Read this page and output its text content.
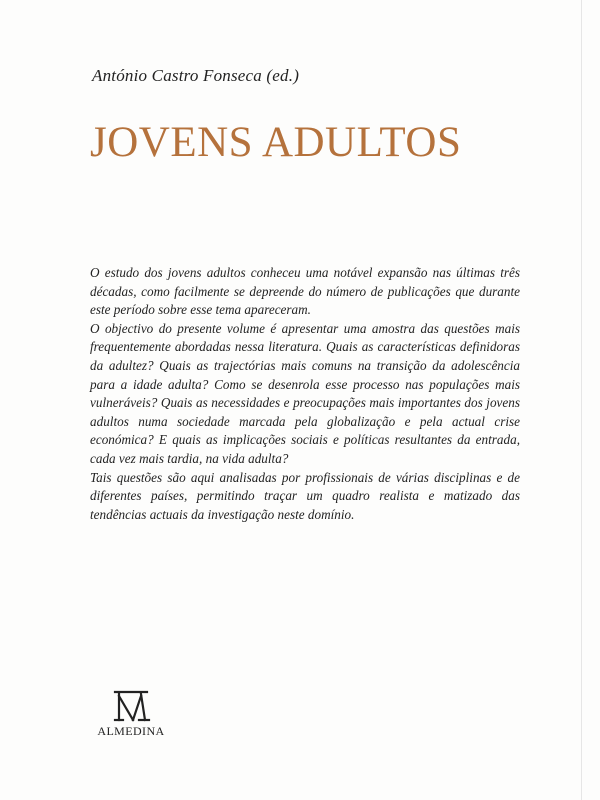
António Castro Fonseca (ed.)
JOVENS ADULTOS

O estudo dos jovens adultos conheceu uma notável expansão nas últimas três décadas, como facilmente se depreende do número de publicações que durante este período sobre esse tema apareceram.

O objectivo do presente volume é apresentar uma amostra das questões mais frequentemente abordadas nessa literatura. Quais as características definidoras da adultez? Quais as trajectórias mais comuns na transição da adolescência para a idade adulta? Como se desenrola esse processo nas populações mais vulneráveis? Quais as necessidades e preocupações mais importantes dos jovens adultos numa sociedade marcada pela globalização e pela actual crise económica? E quais as implicações sociais e políticas resultantes da entrada, cada vez mais tardia, na vida adulta?

Tais questões são aqui analisadas por profissionais de várias disciplinas e de diferentes países, permitindo traçar um quadro realista e matizado das tendências actuais da investigação neste domínio.

ALMEDINA
